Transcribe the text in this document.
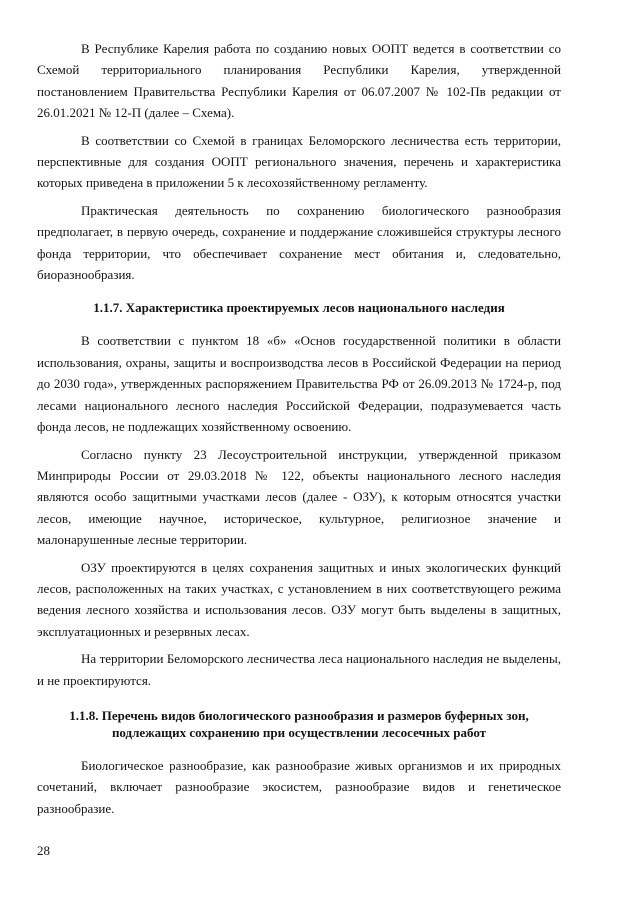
В Республике Карелия работа по созданию новых ООПТ ведется в соответствии со Схемой территориального планирования Республики Карелия, утвержденной постановлением Правительства Республики Карелия от 06.07.2007 № 102-Пв редакции от 26.01.2021 № 12-П (далее – Схема).

В соответствии со Схемой в границах Беломорского лесничества есть территории, перспективные для создания ООПТ регионального значения, перечень и характеристика которых приведена в приложении 5 к лесохозяйственному регламенту.

Практическая деятельность по сохранению биологического разнообразия предполагает, в первую очередь, сохранение и поддержание сложившейся структуры лесного фонда территории, что обеспечивает сохранение мест обитания и, следовательно, биоразнообразия.

1.1.7. Характеристика проектируемых лесов национального наследия

В соответствии с пунктом 18 «б» «Основ государственной политики в области использования, охраны, защиты и воспроизводства лесов в Российской Федерации на период до 2030 года», утвержденных распоряжением Правительства РФ от 26.09.2013 № 1724-р, под лесами национального лесного наследия Российской Федерации, подразумевается часть фонда лесов, не подлежащих хозяйственному освоению.

Согласно пункту 23 Лесоустроительной инструкции, утвержденной приказом Минприроды России от 29.03.2018 № 122, объекты национального лесного наследия являются особо защитными участками лесов (далее - ОЗУ), к которым относятся участки лесов, имеющие научное, историческое, культурное, религиозное значение и малонарушенные лесные территории.

ОЗУ проектируются в целях сохранения защитных и иных экологических функций лесов, расположенных на таких участках, с установлением в них соответствующего режима ведения лесного хозяйства и использования лесов. ОЗУ могут быть выделены в защитных, эксплуатационных и резервных лесах.

На территории Беломорского лесничества леса национального наследия не выделены, и не проектируются.

1.1.8. Перечень видов биологического разнообразия и размеров буферных зон,
подлежащих сохранению при осуществлении лесосечных работ

Биологическое разнообразие, как разнообразие живых организмов и их природных сочетаний, включает разнообразие экосистем, разнообразие видов и генетическое разнообразие.

28
